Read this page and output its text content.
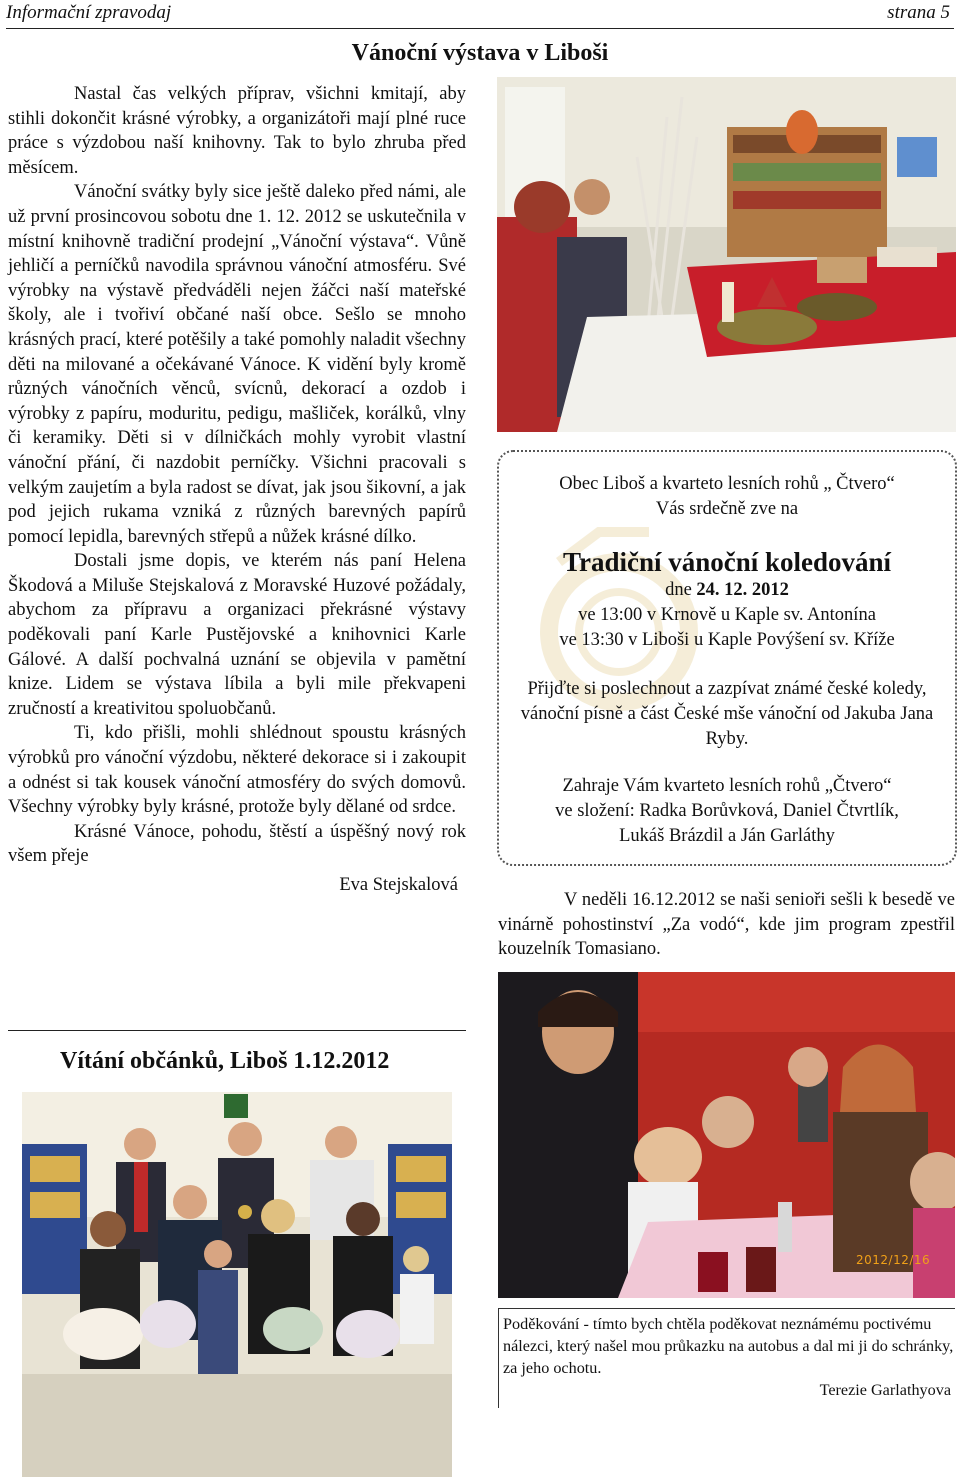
Informační zpravodaj	strana 5
Vánoční výstava v Liboši

Nastal čas velkých příprav, všichni kmitají, aby stihli dokončit krásné výrobky, a organizátoři mají plné ruce práce s výzdobou naší knihovny. Tak to bylo zhruba před měsícem.

Vánoční svátky byly sice ještě daleko před námi, ale už první prosincovou sobotu dne 1. 12. 2012 se uskutečnila v místní knihovně tradiční prodejní „Vánoční výstava“. Vůně jehličí a perníčků navodila správnou vánoční atmosféru. Své výrobky na výstavě předváděli nejen žáčci naší mateřské školy, ale i tvořiví občané naší obce. Sešlo se mnoho krásných prací, které potěšily a také pomohly naladit všechny děti na milované a očekávané Vánoce. K vidění byly kromě různých vánočních věnců, svícnů, dekorací a ozdob i výrobky z papíru, moduritu, pedigu, mašliček, korálků, vlny či keramiky. Děti si v dílničkách mohly vyrobit vlastní vánoční přání, či nazdobit perníčky. Všichni pracovali s velkým zaujetím a byla radost se dívat, jak jsou šikovní, a jak pod jejich rukama vzniká z různých barevných papírů pomocí lepidla, barevných střepů a nůžek krásné dílko.

Dostali jsme dopis, ve kterém nás paní Helena Škodová a Miluše Stejskalová z Moravské Huzové požádaly, abychom za přípravu a organizaci překrásné výstavy poděkovali paní Karle Pustějovské a knihovnici Karle Gálové. A další pochvalná uznání se objevila v pamětní knize. Lidem se výstava líbila a byli mile překvapeni zručností a kreativitou spoluobčanů.

Ti, kdo přišli, mohli shlédnout spoustu krásných výrobků pro vánoční výzdobu, některé dekorace si i zakoupit a odnést si tak kousek vánoční atmosféry do svých domovů. Všechny výrobky byly krásné, protože byly dělané od srdce.

Krásné Vánoce, pohodu, štěstí a úspěšný nový rok všem přeje

Eva Stejskalová

Vítání občánků, Liboš 1.12.2012

Obec Liboš a kvarteto lesních rohů „ Čtvero“

Vás srdečně zve na

Tradiční vánoční koledování

dne 24. 12. 2012

ve 13:00 v Krnově u Kaple sv. Antonína

ve 13:30 v Liboši u Kaple Povýšení sv. Kříže

Přijďte si poslechnout a zazpívat známé české koledy, vánoční písně a část České mše vánoční od Jakuba Jana Ryby.

Zahraje Vám kvarteto lesních rohů „Čtvero“

ve složení: Radka Borůvková, Daniel Čtvrtlík,

Lukáš Brázdil a Ján Garláthy

V neděli 16.12.2012 se naši senioři sešli k besedě ve vinárně pohostinství „Za vodó“, kde jim program zpestřil kouzelník Tomasiano.

2012/12/16
Poděkování - tímto bych chtěla poděkovat neznámému poctivému nálezci, který našel mou průkazku na autobus a dal mi ji do schránky, za jeho ochotu.
Terezie Garlathyova
